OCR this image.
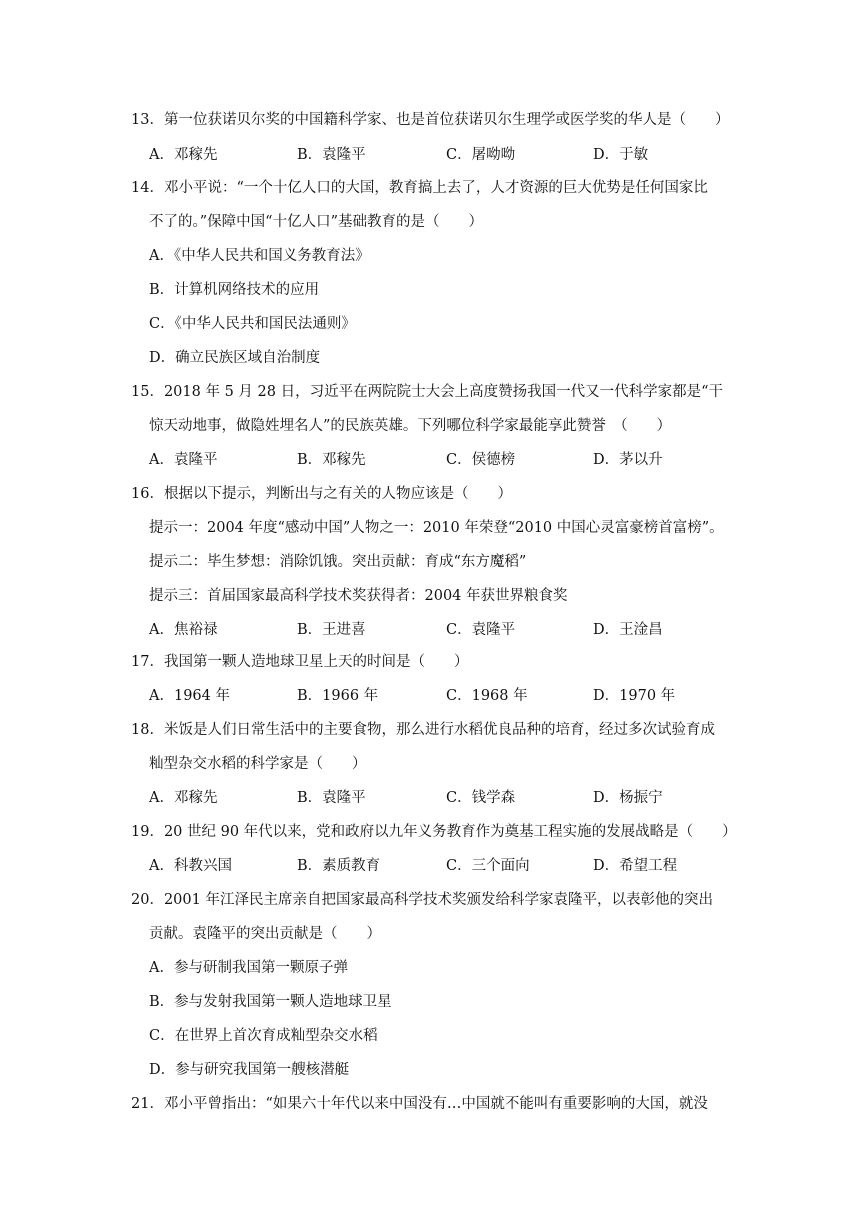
13．第一位获诺贝尔奖的中国籍科学家、也是首位获诺贝尔生理学或医学奖的华人是（　　）
A．邓稼先	B．袁隆平	C．屠呦呦	D．于敏
14．邓小平说：“一个十亿人口的大国，教育搞上去了，人才资源的巨大优势是任何国家比
不了的。”保障中国“十亿人口”基础教育的是（　　）
A．《中华人民共和国义务教育法》
B．计算机网络技术的应用
C．《中华人民共和国民法通则》
D．确立民族区域自治制度
15．2018 年 5 月 28 日，习近平在两院院士大会上高度赞扬我国一代又一代科学家都是“干
惊天动地事，做隐姓埋名人”的民族英雄。下列哪位科学家最能享此赞誉　（　　）
A．袁隆平	B．邓稼先	C．侯德榜	D．茅以升
16．根据以下提示，判断出与之有关的人物应该是（　　）
提示一：2004 年度“感动中国”人物之一：2010 年荣登“2010 中国心灵富豪榜首富榜”。
提示二：毕生梦想：消除饥饿。突出贡献：育成“东方魔稻”
提示三：首届国家最高科学技术奖获得者：2004 年获世界粮食奖
A．焦裕禄	B．王进喜	C．袁隆平	D．王淦昌
17．我国第一颗人造地球卫星上天的时间是（　　）
A．1964 年	B．1966 年	C．1968 年	D．1970 年
18．米饭是人们日常生活中的主要食物，那么进行水稻优良品种的培育，经过多次试验育成
籼型杂交水稻的科学家是（　　）
A．邓稼先	B．袁隆平	C．钱学森	D．杨振宁
19．20 世纪 90 年代以来，党和政府以九年义务教育作为奠基工程实施的发展战略是（　　）
A．科教兴国	B．素质教育	C．三个面向	D．希望工程
20．2001 年江泽民主席亲自把国家最高科学技术奖颁发给科学家袁隆平，以表彰他的突出
贡献。袁隆平的突出贡献是（　　）
A．参与研制我国第一颗原子弹
B．参与发射我国第一颗人造地球卫星
C．在世界上首次育成籼型杂交水稻
D．参与研究我国第一艘核潜艇
21．邓小平曾指出：“如果六十年代以来中国没有…中国就不能叫有重要影响的大国，就没
